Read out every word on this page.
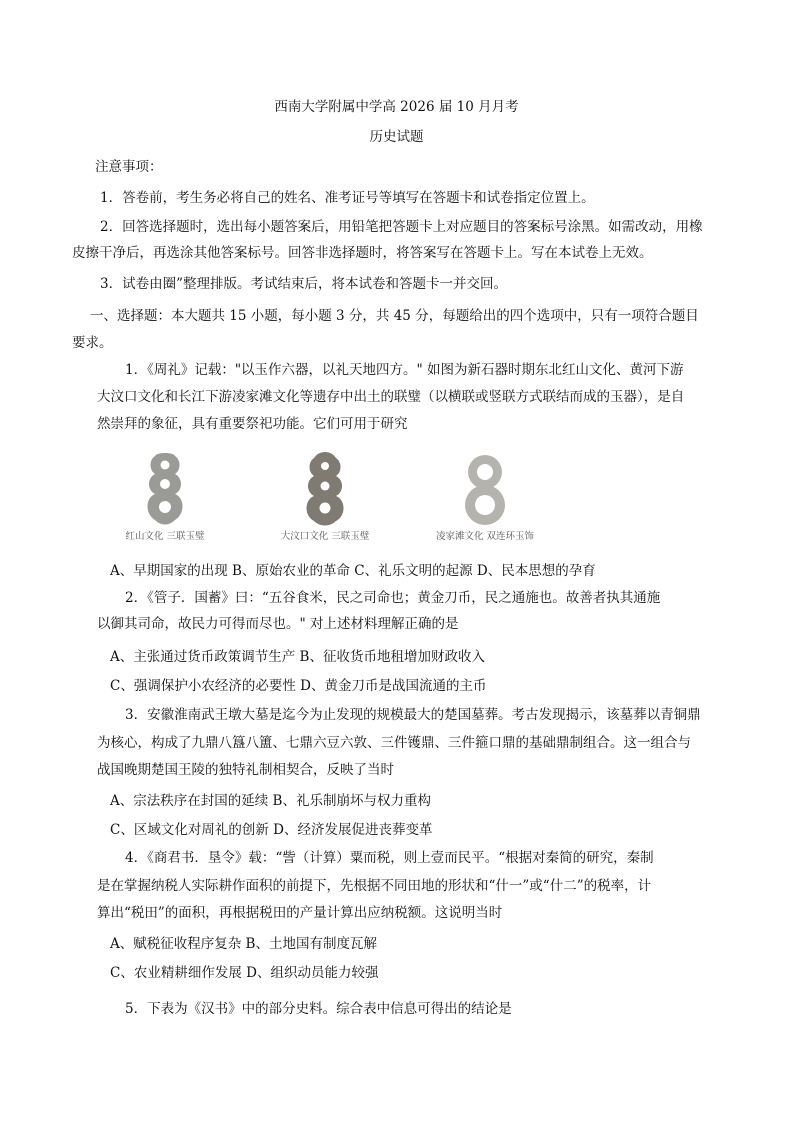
西南大学附属中学高 2026 届 10 月月考
历史试题
注意事项：
1．答卷前，考生务必将自己的姓名、准考证号等填写在答题卡和试卷指定位置上。
2．回答选择题时，选出每小题答案后，用铅笔把答题卡上对应题目的答案标号涂黑。如需改动，用橡
皮擦干净后，再选涂其他答案标号。回答非选择题时，将答案写在答题卡上。写在本试卷上无效。
3．试卷由圈”整理排版。考试结束后，将本试卷和答题卡一并交回。
一、选择题：本大题共 15 小题，每小题 3 分，共 45 分，每题给出的四个选项中，只有一项符合题目
要求。
1．《周礼》记载："以玉作六器，以礼天地四方。" 如图为新石器时期东北红山文化、黄河下游
大汶口文化和长江下游凌家滩文化等遗存中出土的联璧（以横联或竖联方式联结而成的玉器），是自
然崇拜的象征，具有重要祭祀功能。它们可用于研究
红山文化 三联玉璧	大汶口文化 三联玉璧	凌家滩文化 双连环玉饰
A、早期国家的出现 B、原始农业的革命 C、礼乐文明的起源 D、民本思想的孕育
2．《管子．国蓄》曰：“五谷食米，民之司命也；黄金刀币，民之通施也。故善者执其通施
以御其司命，故民力可得而尽也。" 对上述材料理解正确的是
A、主张通过货币政策调节生产 B、征收货币地租增加财政收入
C、强调保护小农经济的必要性 D、黄金刀币是战国流通的主币
3．安徽淮南武王墩大墓是迄今为止发现的规模最大的楚国墓葬。考古发现揭示，该墓葬以青铜鼎
为核心，构成了九鼎八簋八簠、七鼎六豆六敦、三件镬鼎、三件箍口鼎的基础鼎制组合。这一组合与
战国晚期楚国王陵的独特礼制相契合，反映了当时
A、宗法秩序在封国的延续 B、礼乐制崩坏与权力重构
C、区域文化对周礼的创新 D、经济发展促进丧葬变革
4．《商君书．垦令》载：“訾（计算）粟而税，则上壹而民平。“根据对秦简的研究，秦制
是在掌握纳税人实际耕作面积的前提下，先根据不同田地的形状和“什一”或“什二”的税率，计
算出“税田”的面积，再根据税田的产量计算出应纳税额。这说明当时
A、赋税征收程序复杂 B、土地国有制度瓦解
C、农业精耕细作发展 D、组织动员能力较强
5．下表为《汉书》中的部分史料。综合表中信息可得出的结论是
